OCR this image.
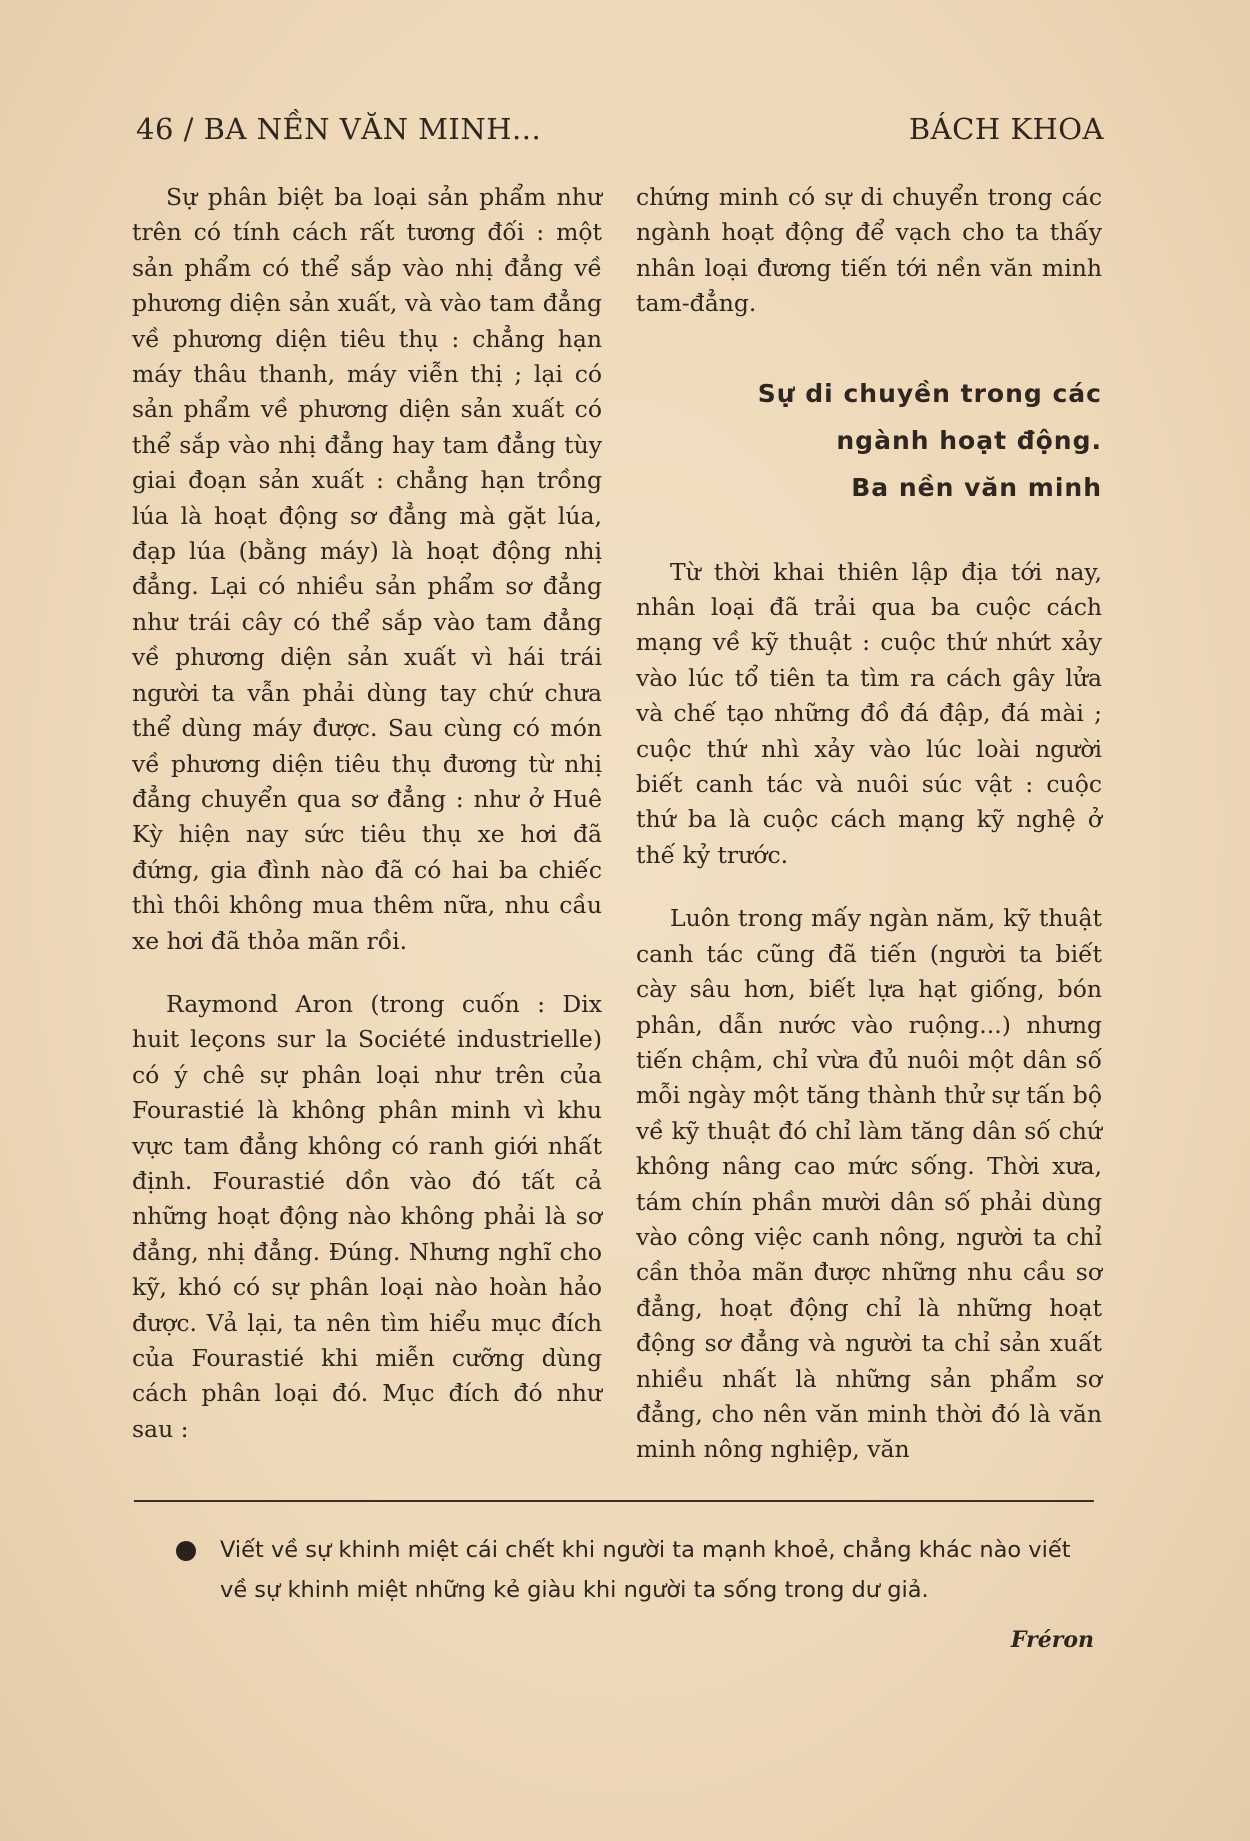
46 / BA NỀN VĂN MINH...	BÁCH KHOA

Sự phân biệt ba loại sản phẩm như trên có tính cách rất tương đối : một sản phẩm có thể sắp vào nhị đẳng về phương diện sản xuất, và vào tam đẳng về phương diện tiêu thụ : chẳng hạn máy thâu thanh, máy viễn thị ; lại có sản phẩm về phương diện sản xuất có thể sắp vào nhị đẳng hay tam đẳng tùy giai đoạn sản xuất : chẳng hạn trồng lúa là hoạt động sơ đẳng mà gặt lúa, đạp lúa (bằng máy) là hoạt động nhị đẳng. Lại có nhiều sản phẩm sơ đẳng như trái cây có thể sắp vào tam đẳng về phương diện sản xuất vì hái trái người ta vẫn phải dùng tay chứ chưa thể dùng máy được. Sau cùng có món về phương diện tiêu thụ đương từ nhị đẳng chuyển qua sơ đẳng : như ở Huê Kỳ hiện nay sức tiêu thụ xe hơi đã đứng, gia đình nào đã có hai ba chiếc thì thôi không mua thêm nữa, nhu cầu xe hơi đã thỏa mãn rồi.

Raymond Aron (trong cuốn : Dix huit leçons sur la Société industrielle) có ý chê sự phân loại như trên của Fourastié là không phân minh vì khu vực tam đẳng không có ranh giới nhất định. Fourastié dồn vào đó tất cả những hoạt động nào không phải là sơ đẳng, nhị đẳng. Đúng. Nhưng nghĩ cho kỹ, khó có sự phân loại nào hoàn hảo được. Vả lại, ta nên tìm hiểu mục đích của Fourastié khi miễn cưỡng dùng cách phân loại đó. Mục đích đó như sau :

chứng minh có sự di chuyển trong các ngành hoạt động để vạch cho ta thấy nhân loại đương tiến tới nền văn minh tam-đẳng.

Sự di chuyền trong các
ngành hoạt động.
Ba nền văn minh

Từ thời khai thiên lập địa tới nay, nhân loại đã trải qua ba cuộc cách mạng về kỹ thuật : cuộc thứ nhứt xảy vào lúc tổ tiên ta tìm ra cách gây lửa và chế tạo những đồ đá đập, đá mài ; cuộc thứ nhì xảy vào lúc loài người biết canh tác và nuôi súc vật : cuộc thứ ba là cuộc cách mạng kỹ nghệ ở thế kỷ trước.

Luôn trong mấy ngàn năm, kỹ thuật canh tác cũng đã tiến (người ta biết cày sâu hơn, biết lựa hạt giống, bón phân, dẫn nước vào ruộng...) nhưng tiến chậm, chỉ vừa đủ nuôi một dân số mỗi ngày một tăng thành thử sự tấn bộ về kỹ thuật đó chỉ làm tăng dân số chứ không nâng cao mức sống. Thời xưa, tám chín phần mười dân số phải dùng vào công việc canh nông, người ta chỉ cần thỏa mãn được những nhu cầu sơ đẳng, hoạt động chỉ là những hoạt động sơ đẳng và người ta chỉ sản xuất nhiều nhất là những sản phẩm sơ đẳng, cho nên văn minh thời đó là văn minh nông nghiệp, văn

Viết về sự khinh miệt cái chết khi người ta mạnh khoẻ, chẳng khác nào viết về sự khinh miệt những kẻ giàu khi người ta sống trong dư giả.
Fréron
